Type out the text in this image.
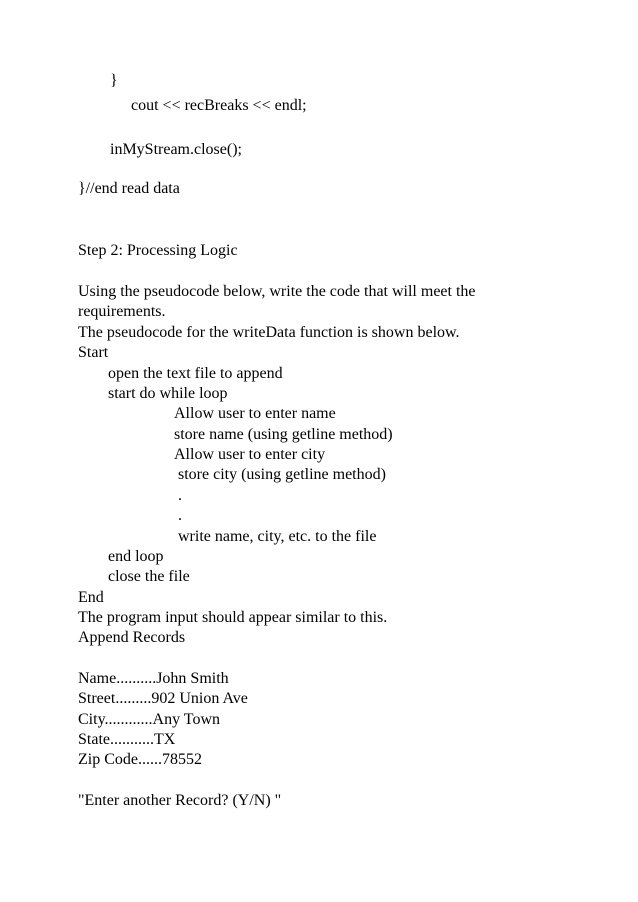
}
cout << recBreaks << endl;
inMyStream.close();
}//end read data
Step 2: Processing Logic
Using the pseudocode below, write the code that will meet the
requirements.
The pseudocode for the writeData function is shown below.
Start
open the text file to append
start do while loop
Allow user to enter name
store name (using getline method)
Allow user to enter city
store city (using getline method)
.
.
write name, city, etc. to the file
end loop
close the file
End
The program input should appear similar to this.
Append Records
Name..........John Smith
Street.........902 Union Ave
City............Any Town
State...........TX
Zip Code......78552
"Enter another Record? (Y/N) "
